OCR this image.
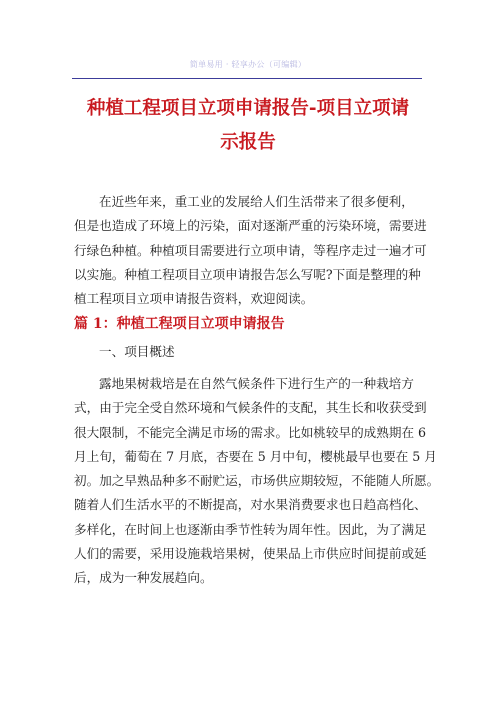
简单易用 · 轻享办公（可编辑）
种植工程项目立项申请报告-项目立项请
示报告
在近些年来，重工业的发展给人们生活带来了很多便利，
但是也造成了环境上的污染，面对逐渐严重的污染环境，需要进
行绿色种植。种植项目需要进行立项申请，等程序走过一遍才可
以实施。种植工程项目立项申请报告怎么写呢?下面是整理的种
植工程项目立项申请报告资料，欢迎阅读。
篇 1：种植工程项目立项申请报告
一、项目概述
露地果树栽培是在自然气候条件下进行生产的一种栽培方
式，由于完全受自然环境和气候条件的支配，其生长和收获受到
很大限制，不能完全满足市场的需求。比如桃较早的成熟期在 6
月上旬，葡萄在 7 月底，杏要在 5 月中旬，樱桃最早也要在 5 月
初。加之早熟品种多不耐贮运，市场供应期较短，不能随人所愿。
随着人们生活水平的不断提高，对水果消费要求也日趋高档化、
多样化，在时间上也逐渐由季节性转为周年性。因此，为了满足
人们的需要，采用设施栽培果树，使果品上市供应时间提前或延
后，成为一种发展趋向。
